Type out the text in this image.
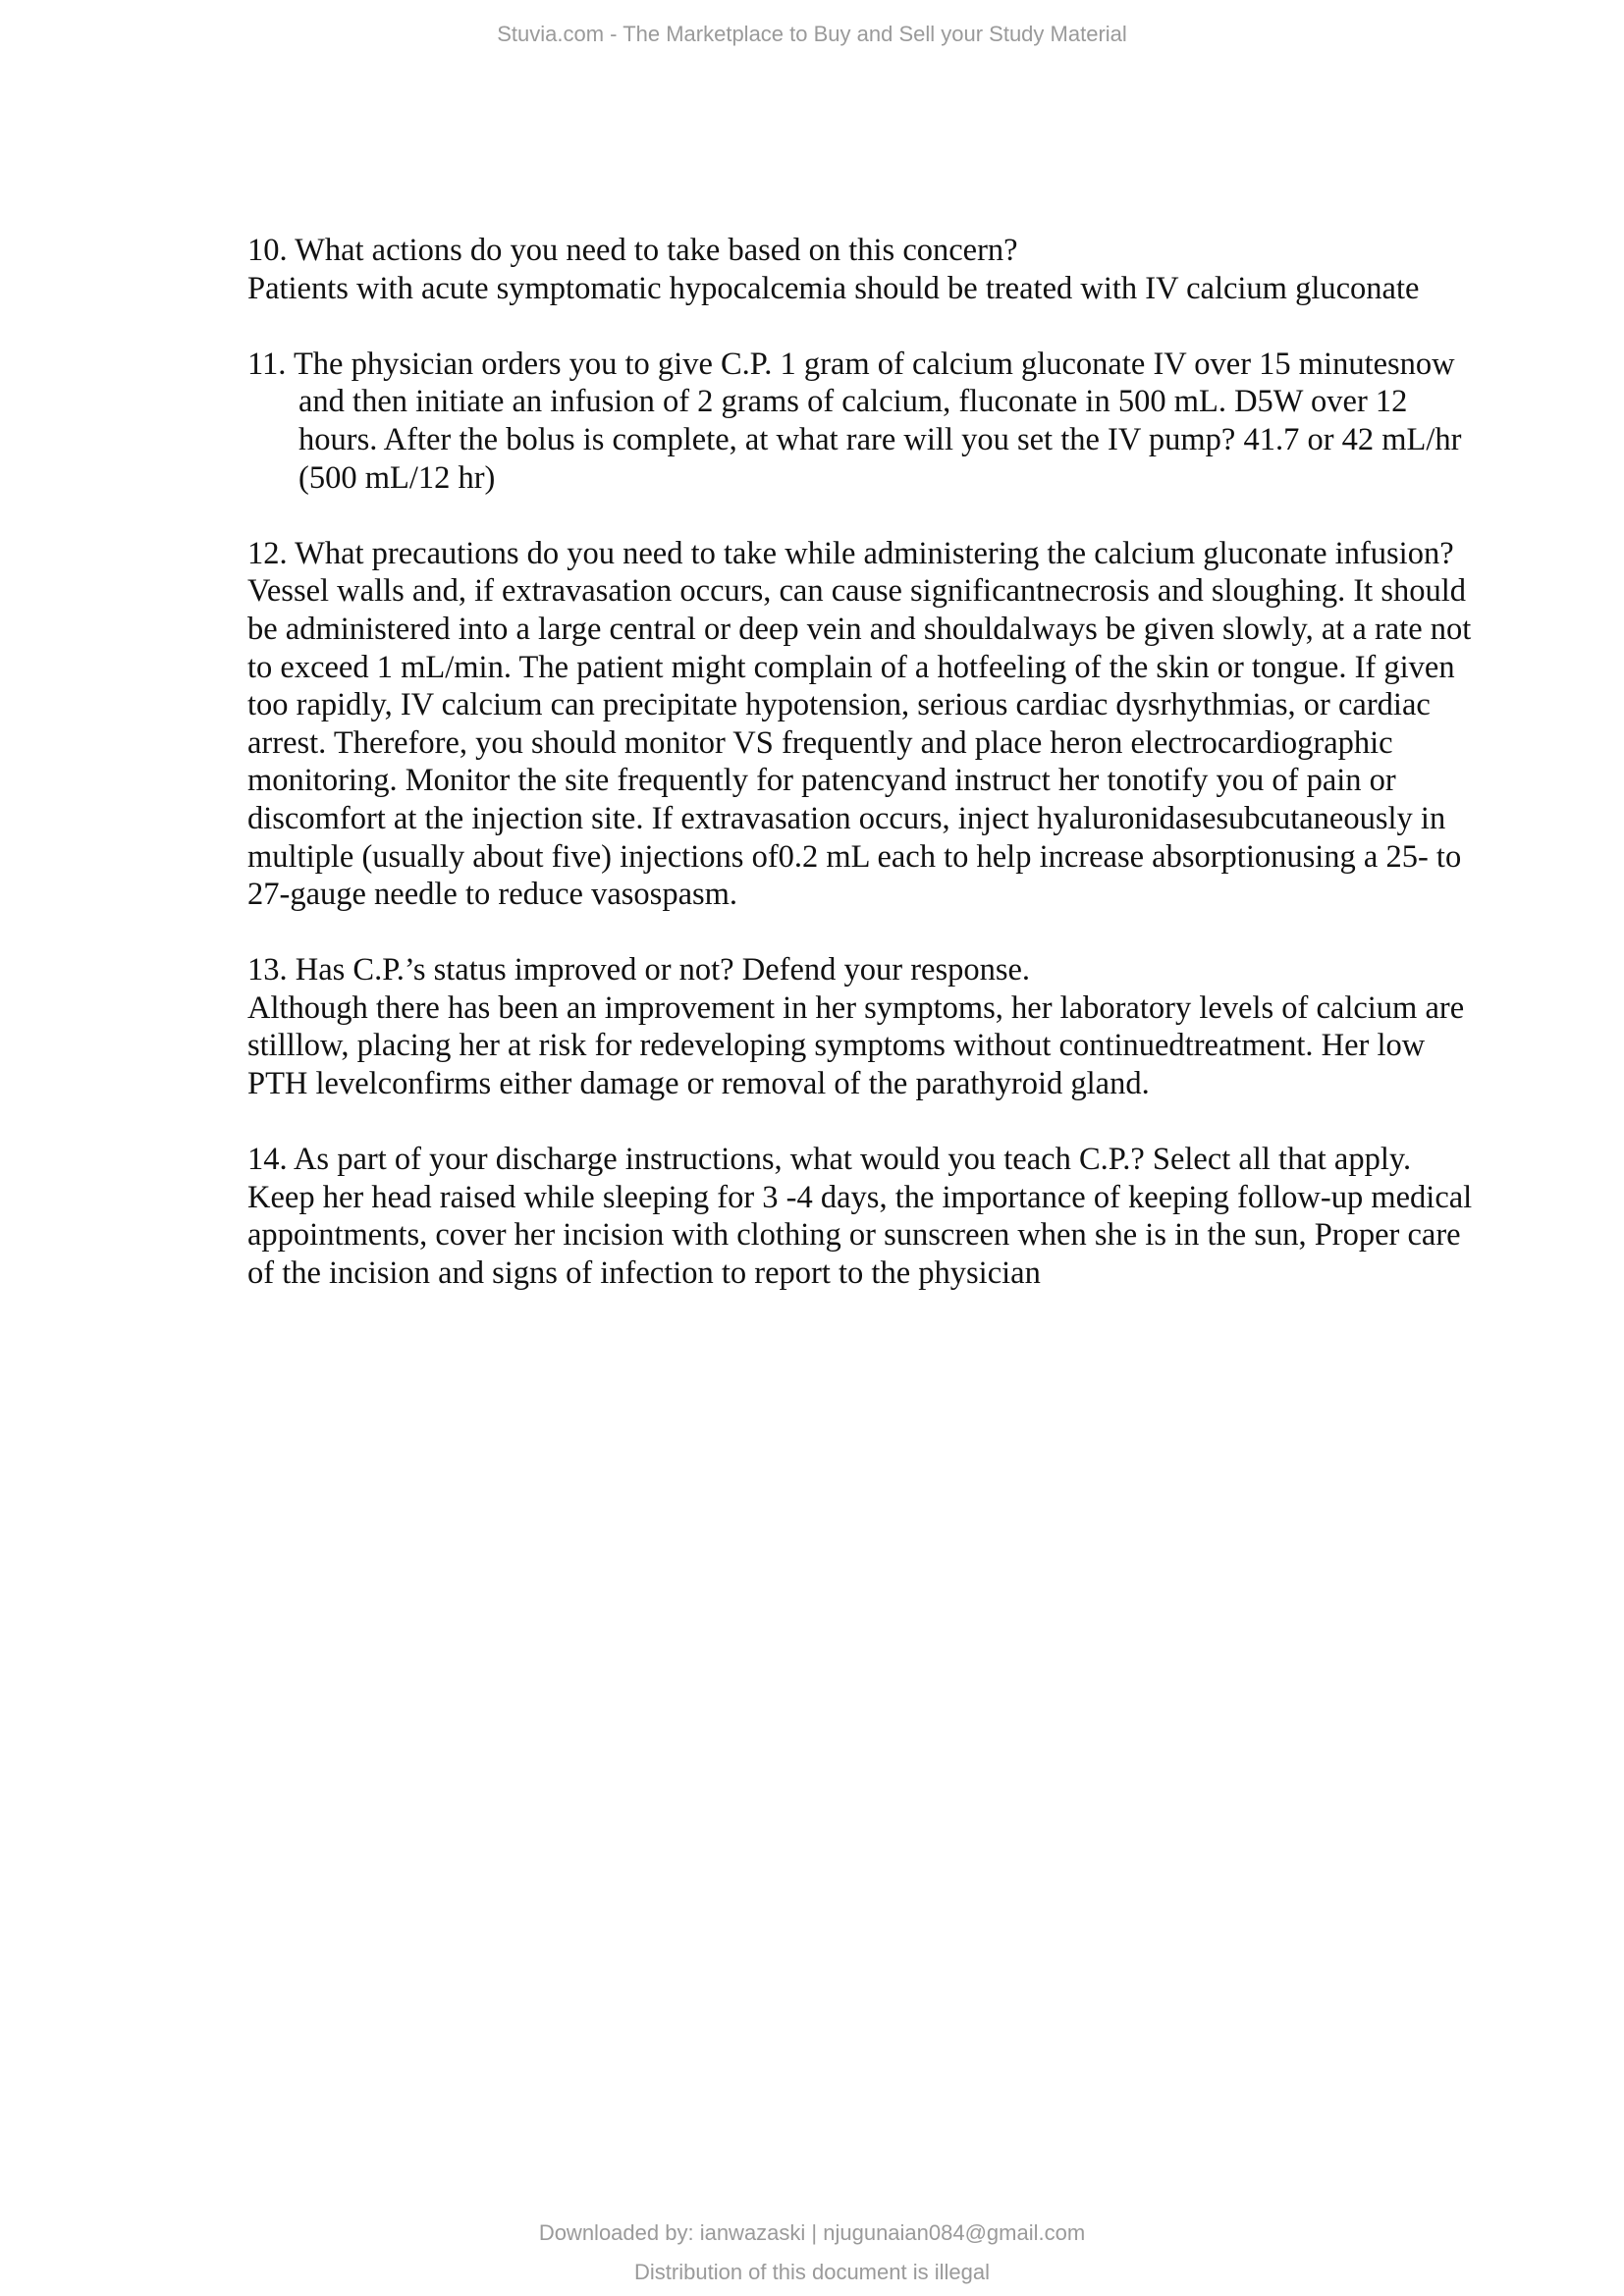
Stuvia.com - The Marketplace to Buy and Sell your Study Material
10. What actions do you need to take based on this concern?
Patients with acute symptomatic hypocalcemia should be treated with IV calcium gluconate
11. The physician orders you to give C.P. 1 gram of calcium gluconate IV over 15 minutesnow and then initiate an infusion of 2 grams of calcium, fluconate in 500 mL. D5W over 12 hours. After the bolus is complete, at what rare will you set the IV pump? 41.7 or 42 mL/hr (500 mL/12 hr)
12. What precautions do you need to take while administering the calcium gluconate infusion?
Vessel walls and, if extravasation occurs, can cause significantnecrosis and sloughing. It should be administered into a large central or deep vein and shouldalways be given slowly, at a rate not to exceed 1 mL/min. The patient might complain of a hotfeeling of the skin or tongue. If given too rapidly, IV calcium can precipitate hypotension, serious cardiac dysrhythmias, or cardiac arrest. Therefore, you should monitor VS frequently and place heron electrocardiographic monitoring. Monitor the site frequently for patencyand instruct her tonotify you of pain or discomfort at the injection site. If extravasation occurs, inject hyaluronidasesubcutaneously in multiple (usually about five) injections of0.2 mL each to help increase absorptionusing a 25- to 27-gauge needle to reduce vasospasm.
13. Has C.P.’s status improved or not? Defend your response.
Although there has been an improvement in her symptoms, her laboratory levels of calcium are stilllow, placing her at risk for redeveloping symptoms without continuedtreatment. Her low PTH levelconfirms either damage or removal of the parathyroid gland.
14. As part of your discharge instructions, what would you teach C.P.? Select all that apply.
Keep her head raised while sleeping for 3 -4 days, the importance of keeping follow-up medical appointments, cover her incision with clothing or sunscreen when she is in the sun, Proper care of the incision and signs of infection to report to the physician
Downloaded by: ianwazaski | njugunaian084@gmail.com
Distribution of this document is illegal
